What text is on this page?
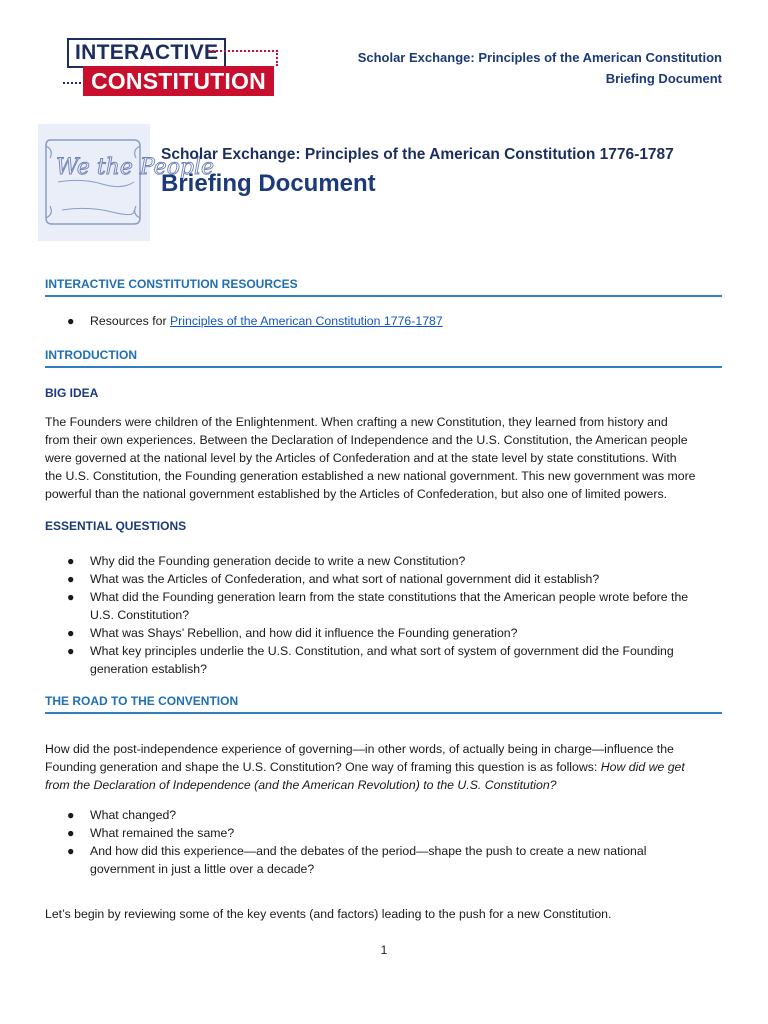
INTERACTIVE
CONSTITUTION
Scholar Exchange: Principles of the American Constitution
Briefing Document
We the People
Scholar Exchange: Principles of the American Constitution 1776-1787
Briefing Document
INTERACTIVE CONSTITUTION RESOURCES
● Resources for Principles of the American Constitution 1776-1787
INTRODUCTION
BIG IDEA
The Founders were children of the Enlightenment. When crafting a new Constitution, they learned from history and
from their own experiences. Between the Declaration of Independence and the U.S. Constitution, the American people
were governed at the national level by the Articles of Confederation and at the state level by state constitutions. With
the U.S. Constitution, the Founding generation established a new national government. This new government was more
powerful than the national government established by the Articles of Confederation, but also one of limited powers.
ESSENTIAL QUESTIONS
● Why did the Founding generation decide to write a new Constitution?
● What was the Articles of Confederation, and what sort of national government did it establish?
● What did the Founding generation learn from the state constitutions that the American people wrote before the
U.S. Constitution?
● What was Shays’ Rebellion, and how did it influence the Founding generation?
● What key principles underlie the U.S. Constitution, and what sort of system of government did the Founding
generation establish?
THE ROAD TO THE CONVENTION
How did the post-independence experience of governing—in other words, of actually being in charge—influence the
Founding generation and shape the U.S. Constitution? One way of framing this question is as follows: How did we get
from the Declaration of Independence (and the American Revolution) to the U.S. Constitution?
● What changed?
● What remained the same?
● And how did this experience—and the debates of the period—shape the push to create a new national
government in just a little over a decade?
Let’s begin by reviewing some of the key events (and factors) leading to the push for a new Constitution.
1
